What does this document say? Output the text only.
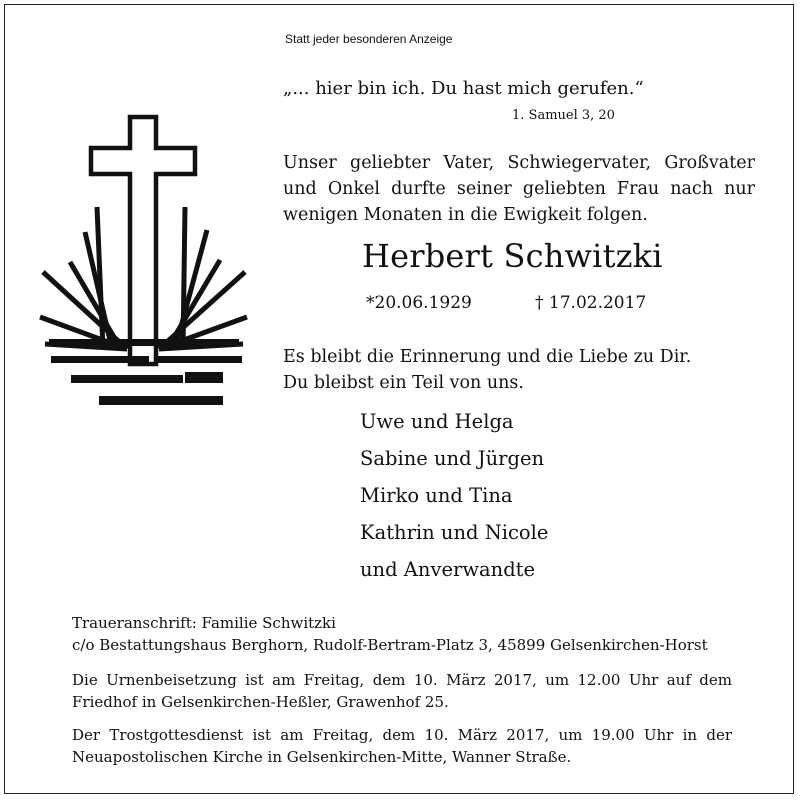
Statt jeder besonderen Anzeige
„... hier bin ich. Du hast mich gerufen.“
1. Samuel 3, 20
Unser geliebter Vater, Schwiegervater, Großvater
und Onkel durfte seiner geliebten Frau nach nur
wenigen Monaten in die Ewigkeit folgen.
Herbert Schwitzki
*20.06.1929	† 17.02.2017
Es bleibt die Erinnerung und die Liebe zu Dir.
Du bleibst ein Teil von uns.
Uwe und Helga
Sabine und Jürgen
Mirko und Tina
Kathrin und Nicole
und Anverwandte
Traueranschrift: Familie Schwitzki
c/o Bestattungshaus Berghorn, Rudolf-Bertram-Platz 3, 45899 Gelsenkirchen-Horst
Die Urnenbeisetzung ist am Freitag, dem 10. März 2017, um 12.00 Uhr auf dem
Friedhof in Gelsenkirchen-Heßler, Grawenhof 25.
Der Trostgottesdienst ist am Freitag, dem 10. März 2017, um 19.00 Uhr in der
Neuapostolischen Kirche in Gelsenkirchen-Mitte, Wanner Straße.
